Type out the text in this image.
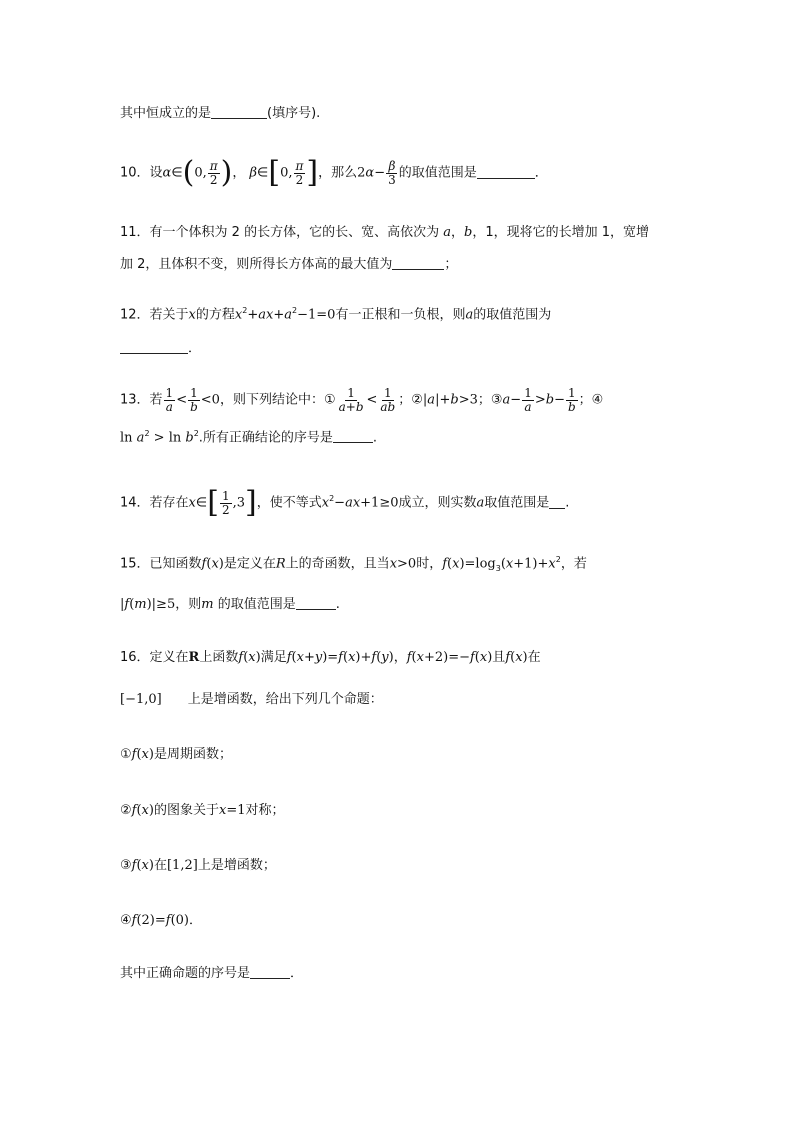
其中恒成立的是	(填序号).
10．设α∈(0, $\frac{\pi}{2}$ )， β∈[0, $\frac{\pi}{2}$ ]，那么$2\alpha- \frac{\beta}{3}$ 的取值范围是	．
11．有一个体积为 2 的长方体，它的长、宽、高依次为 a，b，1，现将它的长增加 1，宽增
加 2，且体积不变，则所得长方体高的最大值为	；
12．若关于x的方程$x^2+ax+a^2-1=0$有一正根和一负根，则a的取值范围为
．
13．若 $\frac{1}{a} < \frac{1}{b} <0$，则下列结论中：① $\frac{1}{a+b} < \frac{1}{ab}$ ；②|a|+b>3；③a− $\frac{1}{a} >b- \frac{1}{b}$ ；④
$\ln a^2 > \ln b^2$.所有正确结论的序号是	.
14．若存在x∈[ $\frac{1}{2} ,3$]，使不等式$x^2-ax+1\ge 0$成立，则实数a取值范围是 .
15．已知函数f(x)是定义在R上的奇函数，且当x>0时，$f(x)=\log_3(x+1)+x^2$，若
|f(m)|≥5，则m 的取值范围是	.
16．定义在R上函数f(x)满足f(x+y)=f(x)+f(y)，f(x+2)=−f(x)且f(x)在
[−1,0]　　上是增函数，给出下列几个命题：
①f(x)是周期函数；
②f(x)的图象关于x=1对称；
③f(x)在[1,2]上是增函数；
④f(2)=f(0)．
其中正确命题的序号是	．
